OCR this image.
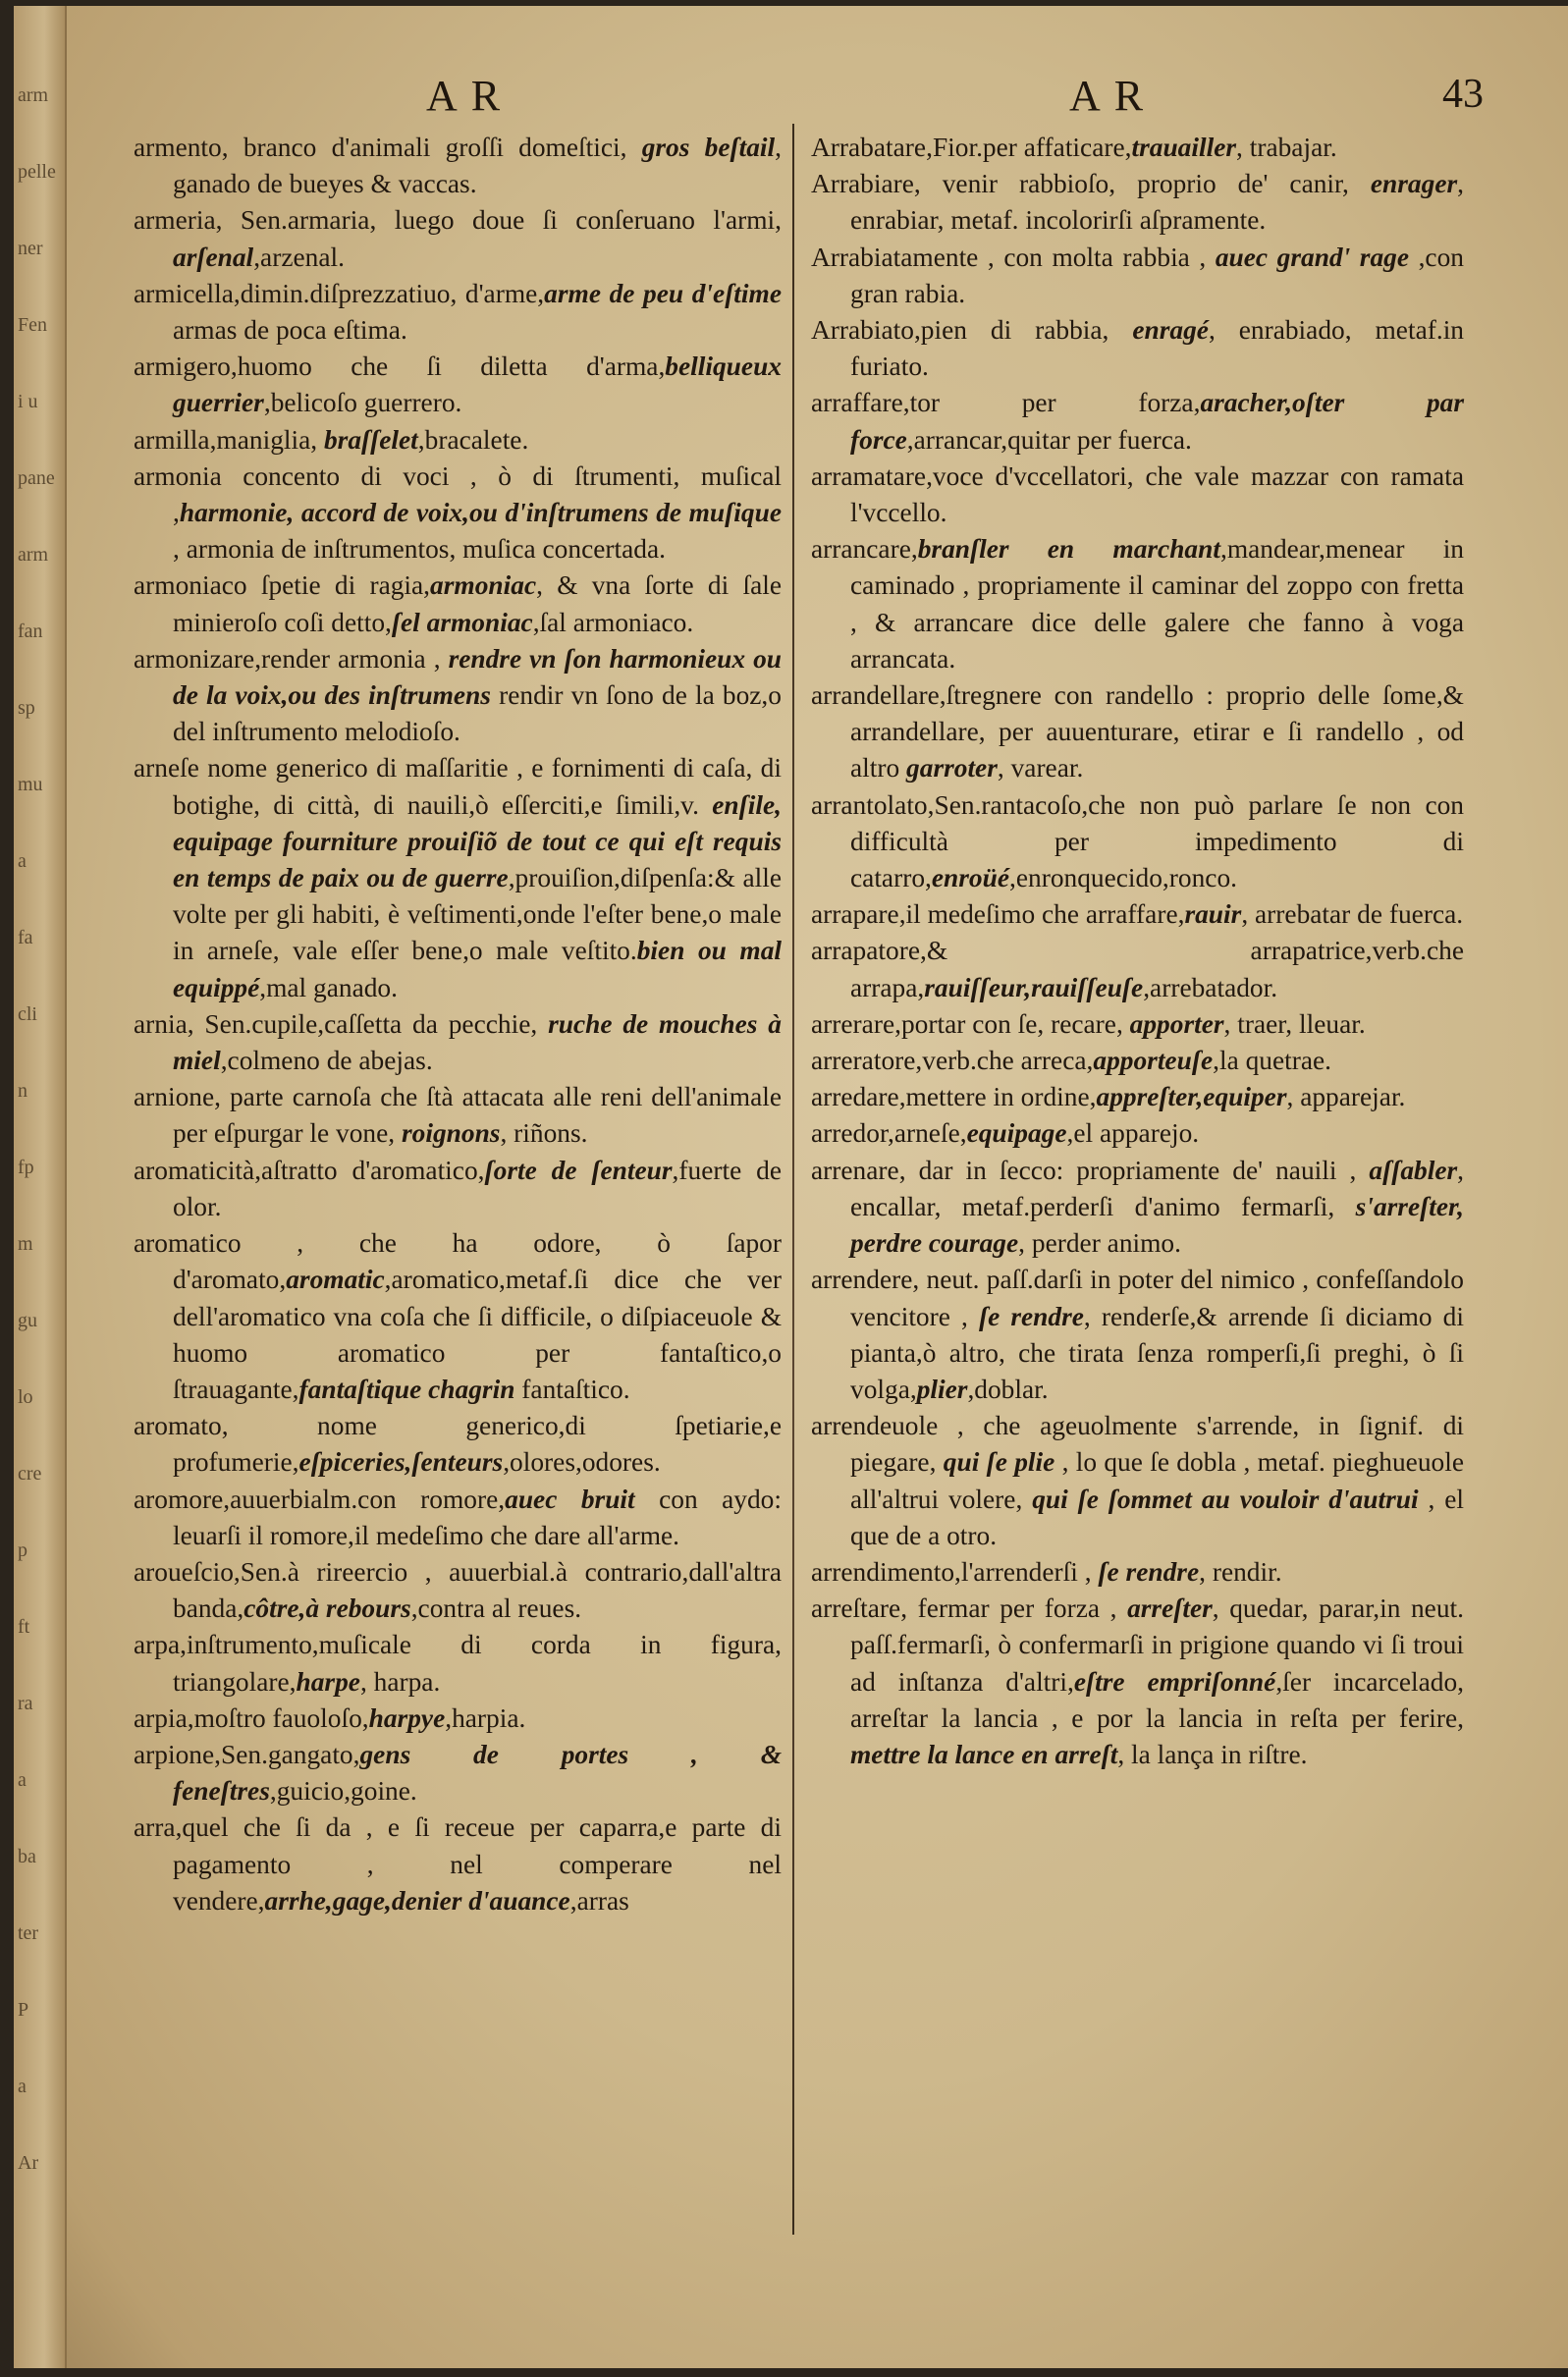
arm
pelle
ner
Fen
i u
pane
arm
fan
sp
mu
a
fa
cli
n
fp
m
gu
lo
cre
p
ft
ra
a
ba
ter
P
a
Ar
AR	AR	43

armento, branco d'animali groſſi domeſtici, gros beſtail, ganado de bueyes & vaccas.

armeria, Sen.armaria, luego doue ſi conſeruano l'armi, arſenal,arzenal.

armicella,dimin.diſprezzatiuo, d'arme,arme de peu d'eſtime armas de poca eſtima.

armigero,huomo che ſi diletta d'arma,belliqueux guerrier,belicoſo guerrero.

armilla,maniglia, braſſelet,bracalete.

armonia concento di voci , ò di ſtrumenti, muſical ,harmonie, accord de voix,ou d'inſtrumens de muſique , armonia de inſtrumentos, muſica concertada.

armoniaco ſpetie di ragia,armoniac, & vna ſorte di ſale minieroſo coſi detto,ſel armoniac,ſal armoniaco.

armonizare,render armonia , rendre vn ſon harmonieux ou de la voix,ou des inſtrumens rendir vn ſono de la boz,o del inſtrumento melodioſo.

arneſe nome generico di maſſaritie , e fornimenti di caſa, di botighe, di città, di nauili,ò eſſerciti,e ſimili,v. enſile, equipage fourniture prouiſiõ de tout ce qui eſt requis en temps de paix ou de guerre,prouiſion,diſpenſa:& alle volte per gli habiti, è veſtimenti,onde l'eſter bene,o male in arneſe, vale eſſer bene,o male veſtito.bien ou mal equippé,mal ganado.

arnia, Sen.cupile,caſſetta da pecchie, ruche de mouches à miel,colmeno de abejas.

arnione, parte carnoſa che ſtà attacata alle reni dell'animale per eſpurgar le vone, roignons, riñons.

aromaticità,aſtratto d'aromatico,ſorte de ſenteur,fuerte de olor.

aromatico , che ha odore, ò ſapor d'aromato,aromatic,aromatico,metaf.ſi dice che ver dell'aromatico vna coſa che ſi difficile, o diſpiaceuole & huomo aromatico per fantaſtico,o ſtrauagante,fantaſtique chagrin fantaſtico.

aromato, nome generico,di ſpetiarie,e profumerie,eſpiceries,ſenteurs,olores,odores.

aromore,auuerbialm.con romore,auec bruit con aydo: leuarſi il romore,il medeſimo che dare all'arme.

aroueſcio,Sen.à rireercio , auuerbial.à contrario,dall'altra banda,côtre,à rebours,contra al reues.

arpa,inſtrumento,muſicale di corda in figura, triangolare,harpe, harpa.

arpia,moſtro fauoloſo,harpye,harpia.

arpione,Sen.gangato,gens de portes , & feneſtres,guicio,goine.

arra,quel che ſi da , e ſi receue per caparra,e parte di pagamento , nel comperare nel vendere,arrhe,gage,denier d'auance,arras

Arrabatare,Fior.per affaticare,trauailler, trabajar.

Arrabiare, venir rabbioſo, proprio de' canir, enrager, enrabiar, metaf. incolorirſi aſpramente.

Arrabiatamente , con molta rabbia , auec grand' rage ,con gran rabia.

Arrabiato,pien di rabbia, enragé, enrabiado, metaf.in furiato.

arraffare,tor per forza,aracher,oſter par force,arrancar,quitar per fuerca.

arramatare,voce d'vccellatori, che vale mazzar con ramata l'vccello.

arrancare,branſler en marchant,mandear,menear in caminado , propriamente il caminar del zoppo con fretta , & arrancare dice delle galere che fanno à voga arrancata.

arrandellare,ſtregnere con randello : proprio delle ſome,& arrandellare, per auuenturare, etirar e ſi randello , od altro garroter, varear.

arrantolato,Sen.rantacoſo,che non può parlare ſe non con difficultà per impedimento di catarro,enroüé,enronquecido,ronco.

arrapare,il medeſimo che arraffare,rauir, arrebatar de fuerca.

arrapatore,& arrapatrice,verb.che arrapa,rauiſſeur,rauiſſeuſe,arrebatador.

arrerare,portar con ſe, recare, apporter, traer, lleuar.

arreratore,verb.che arreca,apporteuſe,la quetrae.

arredare,mettere in ordine,appreſter,equiper, apparejar.

arredor,arneſe,equipage,el apparejo.

arrenare, dar in ſecco: propriamente de' nauili , aſſabler, encallar, metaf.perderſi d'animo fermarſi, s'arreſter, perdre courage, perder animo.

arrendere, neut. paſſ.darſi in poter del nimico , confeſſandolo vencitore , ſe rendre, renderſe,& arrende ſi diciamo di pianta,ò altro, che tirata ſenza romperſi,ſi preghi, ò ſi volga,plier,doblar.

arrendeuole , che ageuolmente s'arrende, in ſignif. di piegare, qui ſe plie , lo que ſe dobla , metaf. pieghueuole all'altrui volere, qui ſe ſommet au vouloir d'autrui , el que de a otro.

arrendimento,l'arrenderſi , ſe rendre, rendir.

arreſtare, fermar per forza , arreſter, quedar, parar,in neut. paſſ.fermarſi, ò confermarſi in prigione quando vi ſi troui ad inſtanza d'altri,eſtre empriſonné,ſer incarcelado, arreſtar la lancia , e por la lancia in reſta per ferire, mettre la lance en arreſt, la lança in riſtre.
